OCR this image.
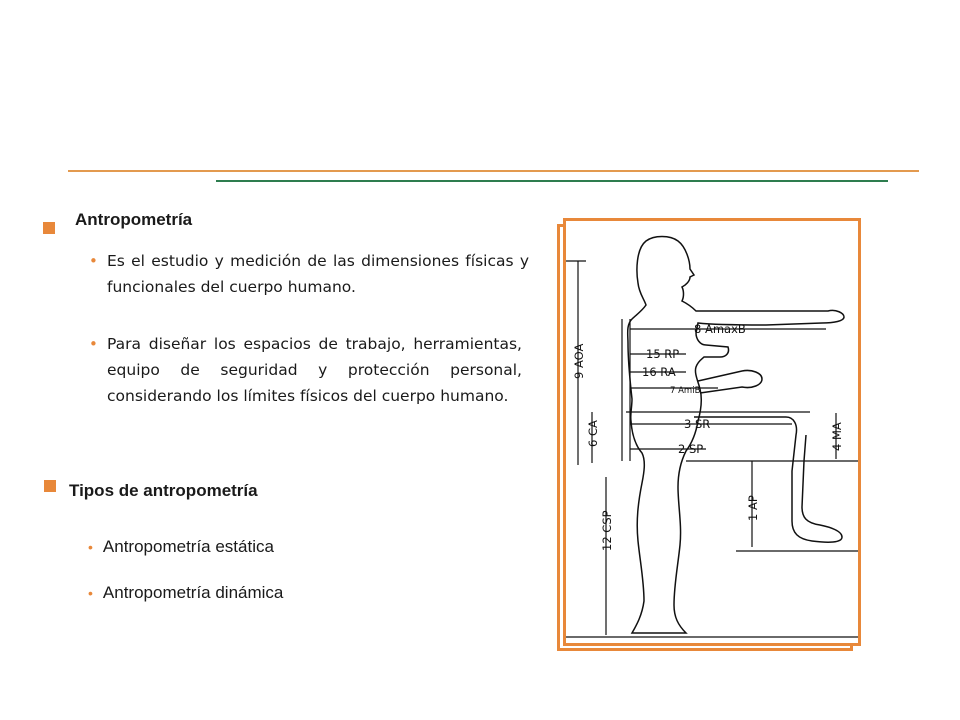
Antropometría
• Es el estudio y medición de las dimensiones físicas y funcionales del cuerpo humano.
• Para diseñar los espacios de trabajo, herramientas, equipo de seguridad y protección personal, considerando los límites físicos del cuerpo humano.
Tipos de antropometría
• Antropometría estática
• Antropometría dinámica
8 AmaxB
15 RP
16 RA
7 AmiB
3 SR
2 SP
9 AOA
6 CA
12 CSP
1 AP
4 MA
